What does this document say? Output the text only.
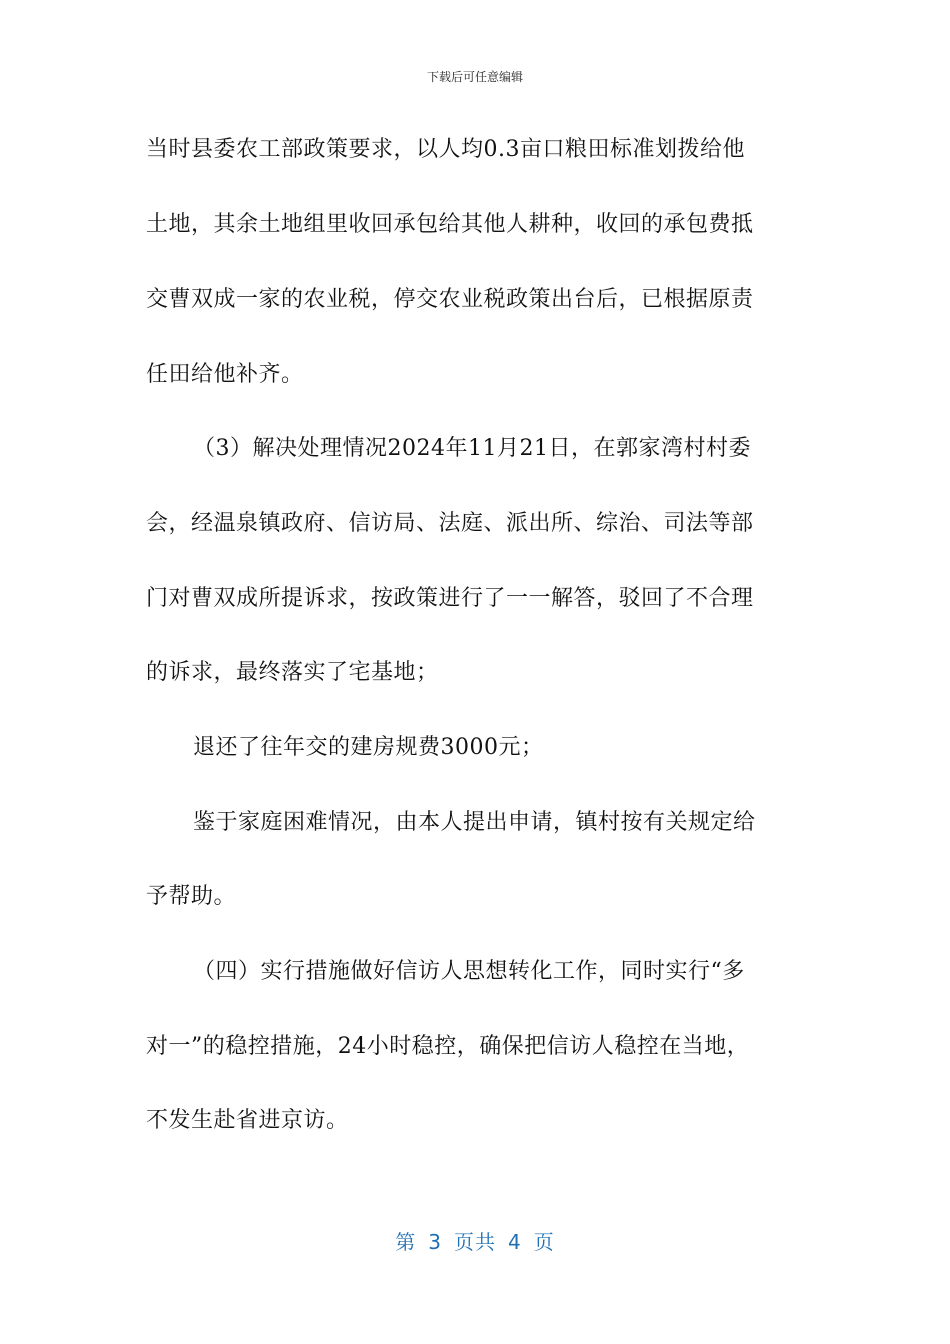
下载后可任意编辑
当时县委农工部政策要求，以人均0.3亩口粮田标准划拨给他
土地，其余土地组里收回承包给其他人耕种，收回的承包费抵
交曹双成一家的农业税，停交农业税政策出台后，已根据原责
任田给他补齐。
（3）解决处理情况2024年11月21日，在郭家湾村村委
会，经温泉镇政府、信访局、法庭、派出所、综治、司法等部
门对曹双成所提诉求，按政策进行了一一解答，驳回了不合理
的诉求，最终落实了宅基地；
退还了往年交的建房规费3000元；
鉴于家庭困难情况，由本人提出申请，镇村按有关规定给
予帮助。
（四）实行措施做好信访人思想转化工作，同时实行“多
对一”的稳控措施，24小时稳控，确保把信访人稳控在当地，
不发生赴省进京访。
第 3 页共 4 页
